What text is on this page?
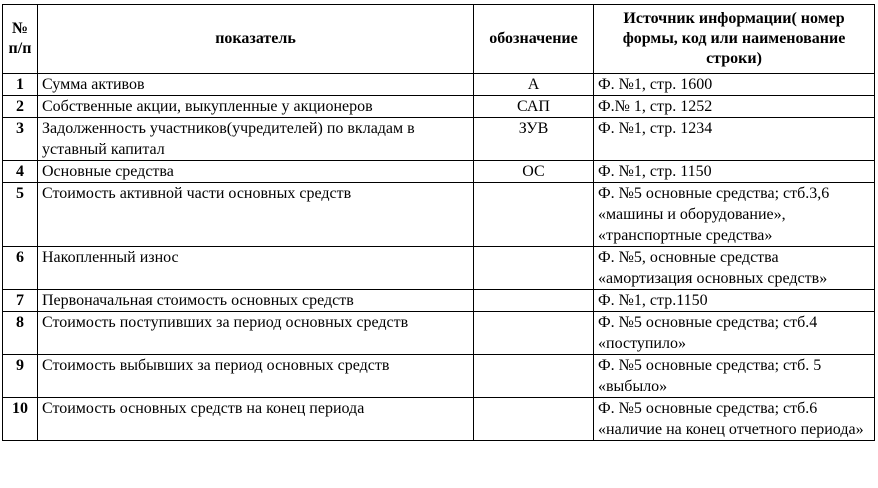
№ п/п	показатель	обозначение	Источник информации( номер формы, код или наименование строки)
1	Сумма активов	А	Ф. №1, стр. 1600
2	Собственные акции, выкупленные у акционеров	САП	Ф.№ 1, стр. 1252
3	Задолженность участников(учредителей) по вкладам в уставный капитал	ЗУВ	Ф. №1, стр. 1234
4	Основные средства	ОС	Ф. №1, стр. 1150
5	Стоимость активной части основных средств		Ф. №5 основные средства; стб.3,6 «машины и оборудование», «транспортные средства»
6	Накопленный износ		Ф. №5, основные средства «амортизация основных средств»
7	Первоначальная стоимость основных средств		Ф. №1, стр.1150
8	Стоимость поступивших за период основных средств		Ф. №5 основные средства; стб.4 «поступило»
9	Стоимость выбывших за период основных средств		Ф. №5 основные средства; стб. 5 «выбыло»
10	Стоимость основных средств на конец периода		Ф. №5 основные средства; стб.6 «наличие на конец отчетного периода»
